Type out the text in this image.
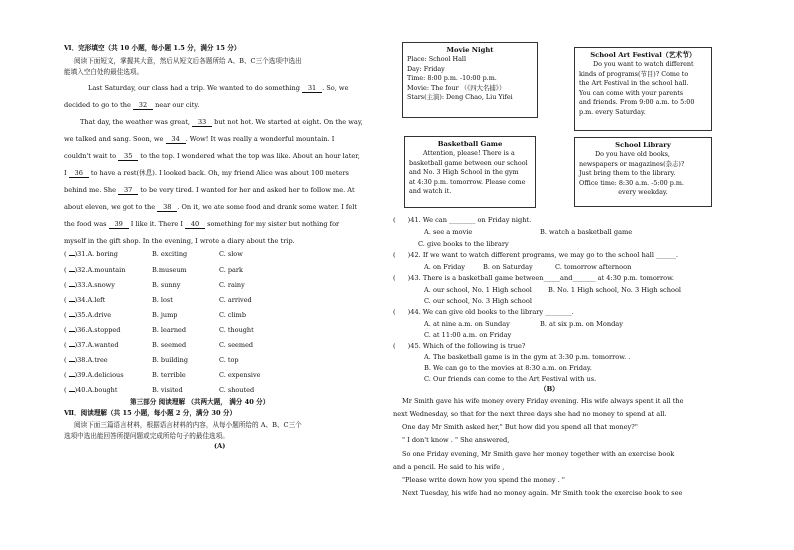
Ⅵ．完形填空（共 10 小题，每小题 1.5 分，满分 15 分）
阅读下面短文，掌握其大意，然后从短文后各题所给 A、B、C三个选项中选出
能填入空白处的最佳选项。
Last Saturday, our class had a trip. We wanted to do something 31 . So, we
decided to go to the 32 near our city.
That day, the weather was great, 33 but not hot. We started at eight. On the way,
we talked and sang. Soon, we 34 . Wow! It was really a wonderful mountain. I
couldn't wait to 35 to the top. I wondered what the top was like. About an hour later,
I 36 to have a rest(休息). I looked back. Oh, my friend Alice was about 100 meters
behind me. She 37 to be very tired. I wanted for her and asked her to follow me. At
about eleven, we got to the 38 . On it, we ate some food and drank some water. I felt
the food was 39 I like it. There I 40 something for my sister but nothing for
myself in the gift shop. In the evening, I wrote a diary about the trip.
( )31.A. boring	B. exciting	C. slow
( )32.A.mountain	B.museum	C. park
( )33.A.snowy	B. sunny	C. rainy
( )34.A.left	B. lost	C. arrived
( )35.A.drive	B. jump	C. climb
( )36.A.stopped	B. learned	C. thought
( )37.A.wanted	B. seemed	C. seemed
( )38.A.tree	B. building	C. top
( )39.A.delicious	B. terrible	C. expensive
( )40.A.bought	B. visited	C. shouted
第三部分 阅读理解 （共两大题， 满分 40 分）
Ⅶ．阅读理解（共 15 小题，每小题 2 分，满分 30 分）
阅读下面三篇语言材料，根据语言材料的内容，从每小题所给的 A、B、C三个
选项中选出能回答所提问题或完成所给句子的最佳选项。
(A)
Movie Night
Place: School Hall
Day: Friday
Time: 8:00 p.m. -10:00 p.m.
Movie: The four （《四大名捕》）
Stars(主演): Deng Chao, Liu Yifei
School Art Festival（艺术节）
Do you want to watch different
kinds of programs(节目)? Come to
the Art Festival in the school hall.
You can come with your parents
and friends. From 9:00 a.m. to 5:00
p.m. every Saturday.
Basketball Game
Attention, please! There is a
basketball game between our school
and No. 3 High School in the gym
at 4:30 p.m. tomorrow. Please come
and watch it.
School Library
Do you have old books,
newspapers or magazines(杂志)?
Just bring them to the library.
Office time: 8:30 a.m. -5:00 p.m.
every weekday.
( )41. We can ________ on Friday night.
A. see a movie	B. watch a basketball game
C. give books to the library
( )42. If we want to watch different programs, we may go to the school hall ______.
A. on Friday	B. on Saturday	C. tomorrow afternoon
( )43. There is a basketball game between_____and_______ at 4:30 p.m. tomorrow.
A. our school, No. 1 High school B. No. 1 High school, No. 3 High school
C. our school, No. 3 High school
( )44. We can give old books to the library ________.
A. at nine a.m. on Sunday	B. at six p.m. on Monday
C. at 11:00 a.m. on Friday
( )45. Which of the following is true?
A. The basketball game is in the gym at 3:30 p.m. tomorrow. .
B. We can go to the movies at 8:30 a.m. on Friday.
C. Our friends can come to the Art Festival with us.
（B）
Mr Smith gave his wife money every Friday evening. His wife always spent it all the
next Wednesday, so that for the next three days she had no money to spend at all.
One day Mr Smith asked her," But how did you spend all that money?"
" I don't know . " She answered,
So one Friday evening, Mr Smith gave her money together with an exercise book
and a pencil. He said to his wife ,
"Please write down how you spend the money . "
Next Tuesday, his wife had no money again. Mr Smith took the exercise book to see
